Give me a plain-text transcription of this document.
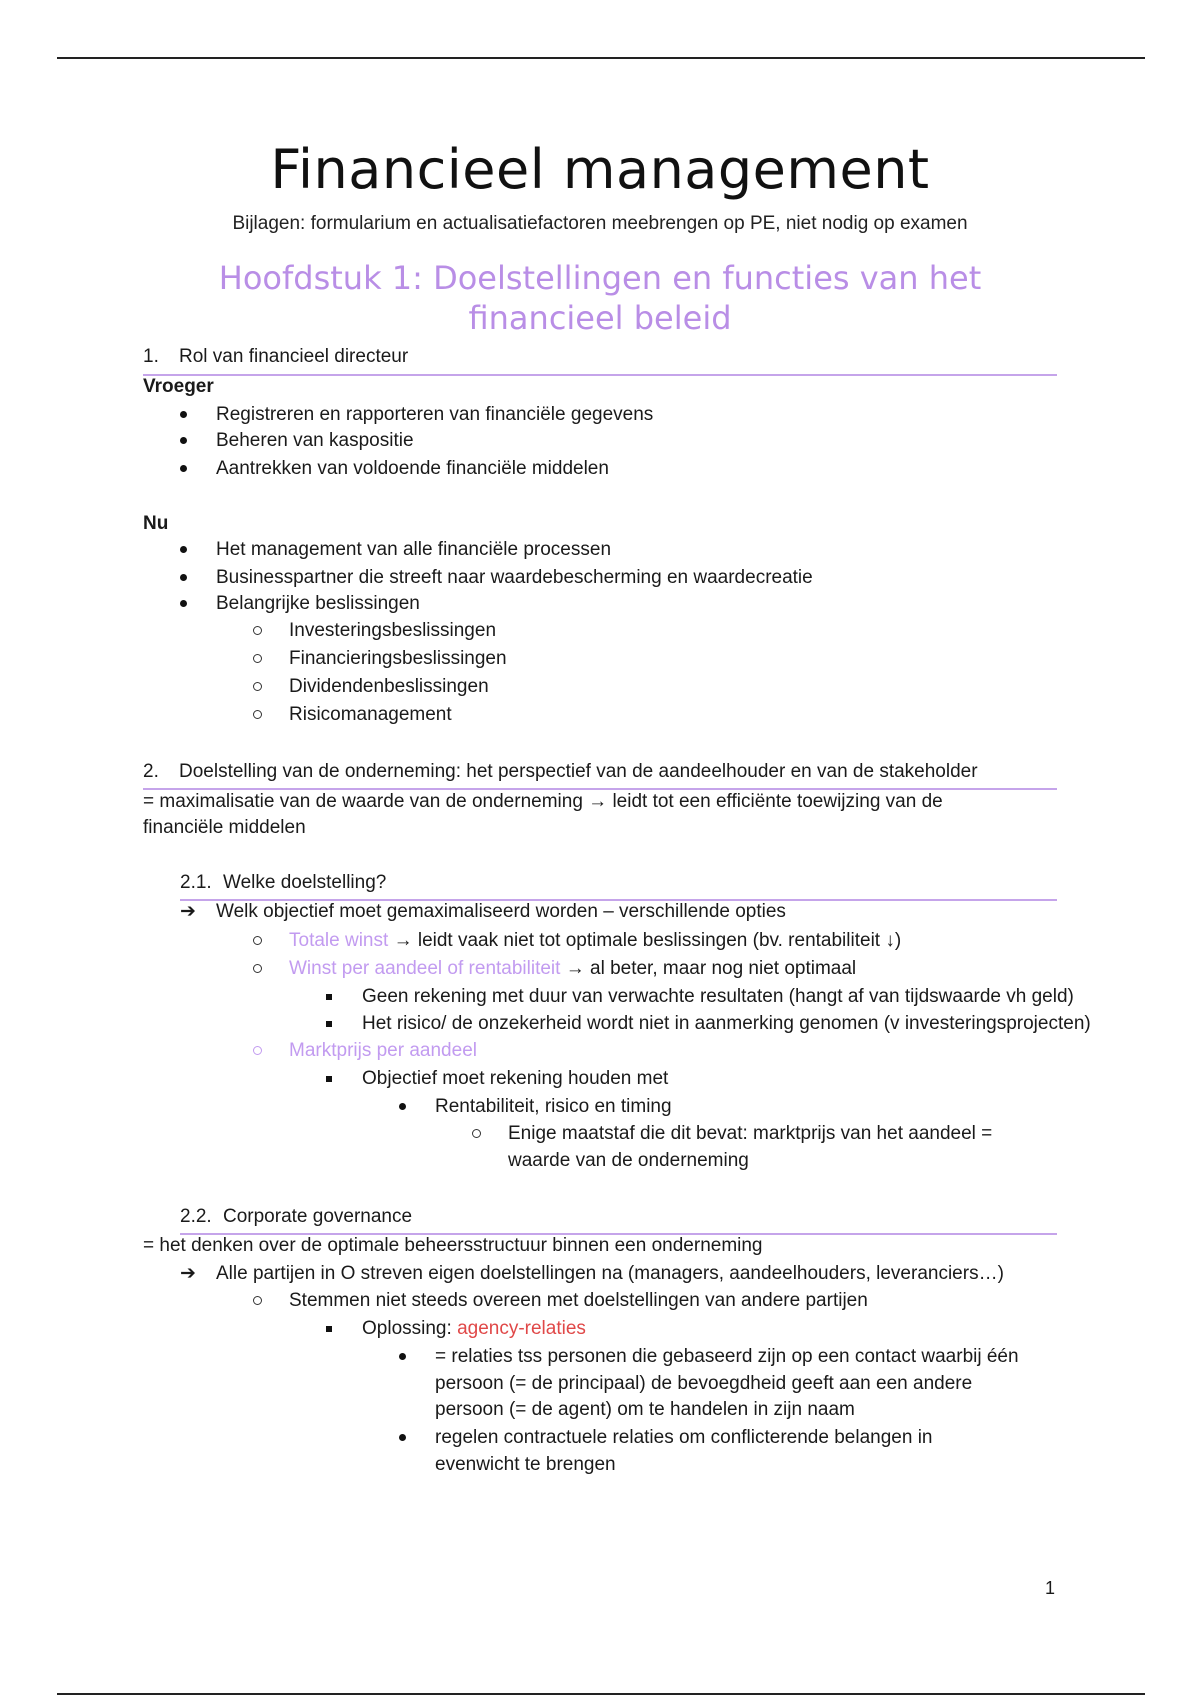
Financieel management
Bijlagen: formularium en actualisatiefactoren meebrengen op PE, niet nodig op examen
Hoofdstuk 1: Doelstellingen en functies van het
financieel beleid
1. Rol van financieel directeur
Vroeger
Registreren en rapporteren van financiële gegevens
Beheren van kaspositie
Aantrekken van voldoende financiële middelen
Nu
Het management van alle financiële processen
Businesspartner die streeft naar waardebescherming en waardecreatie
Belangrijke beslissingen
Investeringsbeslissingen
Financieringsbeslissingen
Dividendenbeslissingen
Risicomanagement
2. Doelstelling van de onderneming: het perspectief van de aandeelhouder en van de stakeholder
= maximalisatie van de waarde van de onderneming → leidt tot een efficiënte toewijzing van de
financiële middelen
2.1. Welke doelstelling?
➔ Welk objectief moet gemaximaliseerd worden – verschillende opties
Totale winst → leidt vaak niet tot optimale beslissingen (bv. rentabiliteit ↓)
Winst per aandeel of rentabiliteit → al beter, maar nog niet optimaal
Geen rekening met duur van verwachte resultaten (hangt af van tijdswaarde vh geld)
Het risico/ de onzekerheid wordt niet in aanmerking genomen (v investeringsprojecten)
Marktprijs per aandeel
Objectief moet rekening houden met
Rentabiliteit, risico en timing
Enige maatstaf die dit bevat: marktprijs van het aandeel =
waarde van de onderneming
2.2. Corporate governance
= het denken over de optimale beheersstructuur binnen een onderneming
➔ Alle partijen in O streven eigen doelstellingen na (managers, aandeelhouders, leveranciers…)
Stemmen niet steeds overeen met doelstellingen van andere partijen
Oplossing: agency-relaties
= relaties tss personen die gebaseerd zijn op een contact waarbij één
persoon (= de principaal) de bevoegdheid geeft aan een andere
persoon (= de agent) om te handelen in zijn naam
regelen contractuele relaties om conflicterende belangen in
evenwicht te brengen
1
